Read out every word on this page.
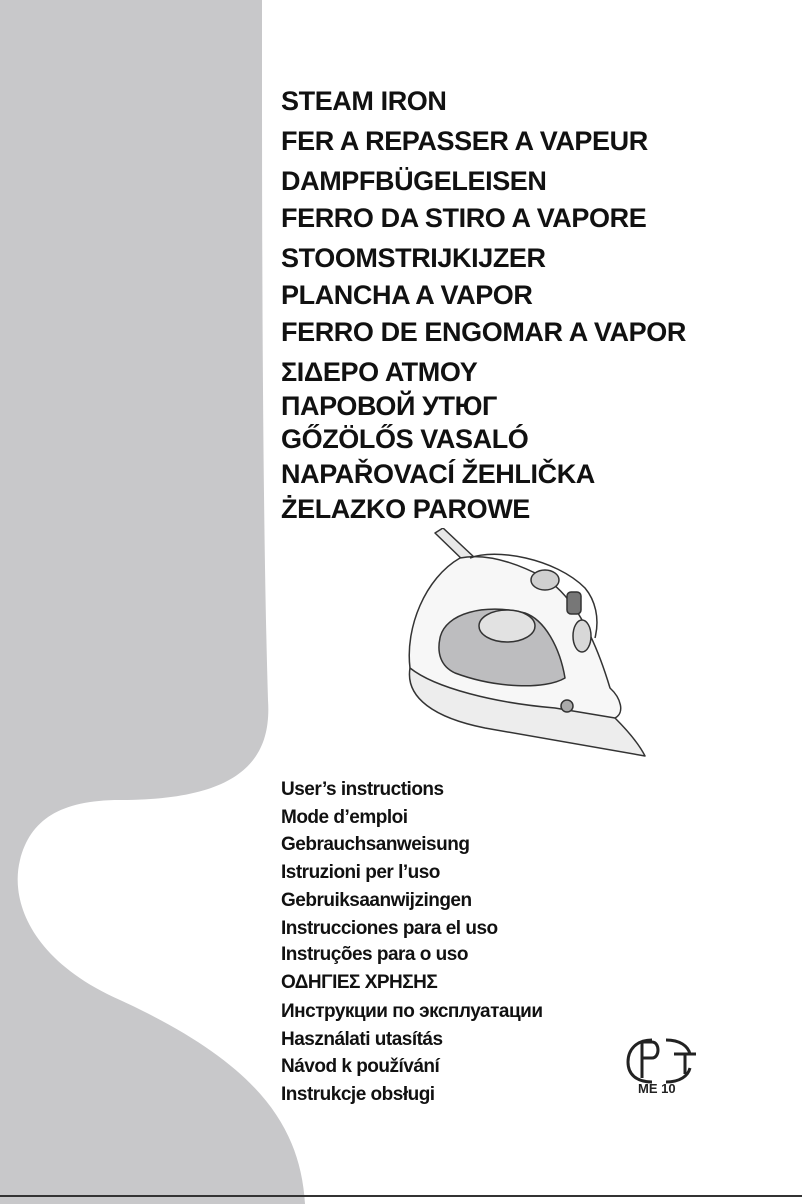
STEAM IRON
FER A REPASSER A VAPEUR
DAMPFBÜGELEISEN
FERRO DA STIRO A VAPORE
STOOMSTRIJKIJZER
PLANCHA A VAPOR
FERRO DE ENGOMAR A VAPOR
ΣΙΔΕΡΟ ΑΤΜΟΥ
ПАРОВОЙ УТЮГ
GŐZÖLŐS VASALÓ
NAPAŘOVACÍ ŽEHLIČKA
ŻELAZKO PAROWE
User’s instructions
Mode d’emploi
Gebrauchsanweisung
Istruzioni per l’uso
Gebruiksaanwijzingen
Instrucciones para el uso
Instruções para o uso
ΟΔΗΓΙΕΣ ΧΡΗΣΗΣ
Инструкции по эксплуатации
Használati utasítás
Návod k používání
Instrukcje obsługi	ME 10
